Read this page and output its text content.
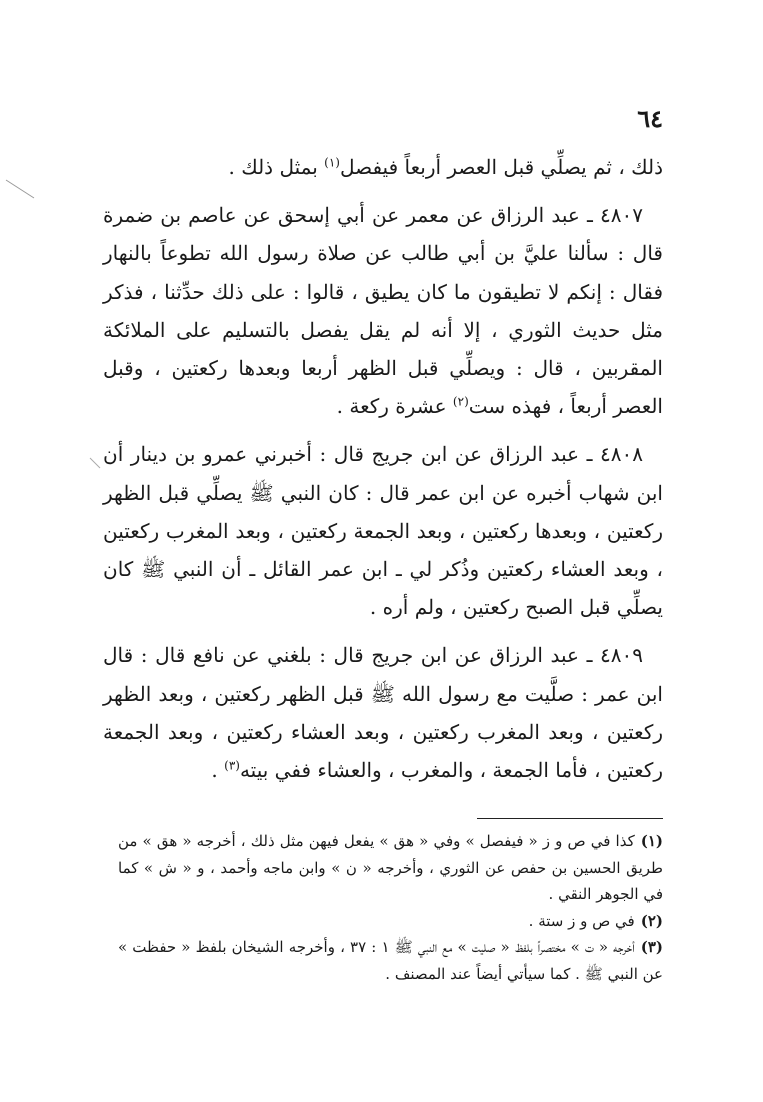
٦٤

ذلك ، ثم يصلِّي قبل العصر أربعاً فيفصل$^{(١)}$ بمثل ذلك .

 ٤٨٠٧ ـ عبد الرزاق عن معمر عن أبي إسحق عن عاصم بن ضمرة قال : سألنا عليَّ بن أبي طالب عن صلاة رسول الله تطوعاً بالنهار فقال : إنكم لا تطيقون ما كان يطيق ، قالوا : على ذلك حدِّثنا ، فذكر مثل حديث الثوري ، إلا أنه لم يقل يفصل بالتسليم على الملائكة المقربين ، قال : ويصلِّي قبل الظهر أربعا وبعدها ركعتين ، وقبل العصر أربعاً ، فهذه ست$^{(٢)}$ عشرة ركعة .

 ٤٨٠٨ ـ عبد الرزاق عن ابن جريج قال : أخبرني عمرو بن دينار أن ابن شهاب أخبره عن ابن عمر قال : كان النبي ﷺ يصلِّي قبل الظهر ركعتين ، وبعدها ركعتين ، وبعد الجمعة ركعتين ، وبعد المغرب ركعتين ، وبعد العشاء ركعتين وذُكر لي ـ ابن عمر القائل ـ أن النبي ﷺ كان يصلِّي قبل الصبح ركعتين ، ولم أره .

 ٤٨٠٩ ـ عبد الرزاق عن ابن جريج قال : بلغني عن نافع قال : قال ابن عمر : صلَّيت مع رسول الله ﷺ قبل الظهر ركعتين ، وبعد الظهر ركعتين ، وبعد المغرب ركعتين ، وبعد العشاء ركعتين ، وبعد الجمعة ركعتين ، فأما الجمعة ، والمغرب ، والعشاء ففي بيته$^{(٣)}$ .

(١)كذا في ص و ز « فيفصل » وفي « هق » يفعل فيهن مثل ذلك ، أخرجه « هق » من طريق الحسين بن حفص عن الثوري ، وأخرجه « ن » وابن ماجه وأحمد ، و « ش » كما في الجوهر النقي .

(٢)في ص و ز ستة .

(٣)أخرجه « ت » مختصراً بلفظ « صليت » مع النبي ﷺ ١ : ٣٧ ، وأخرجه الشيخان بلفظ « حفظت » عن النبي ﷺ . كما سيأتي أيضاً عند المصنف .
